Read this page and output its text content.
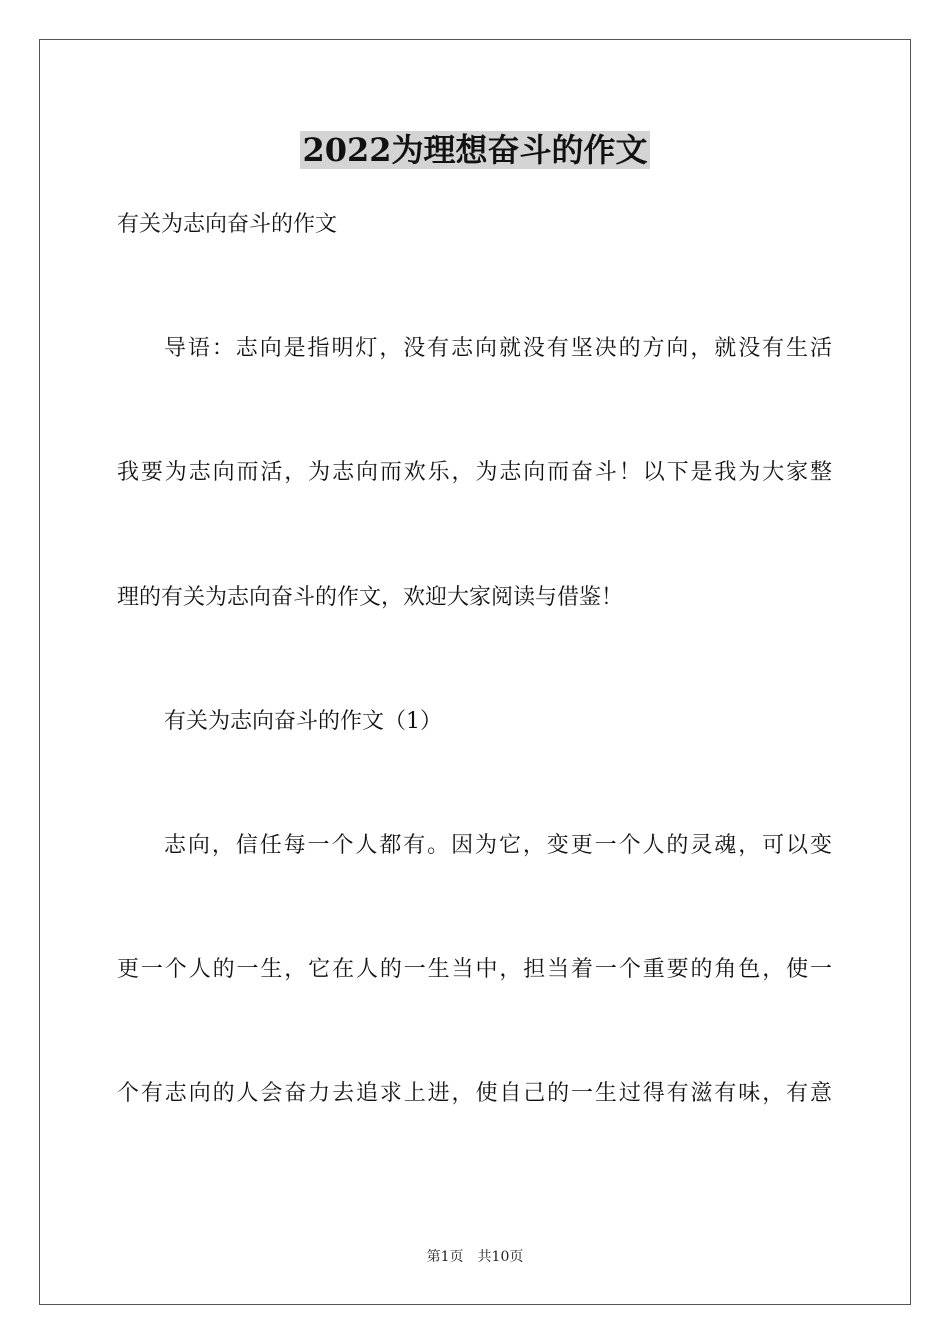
2022为理想奋斗的作文
有关为志向奋斗的作文
导语：志向是指明灯，没有志向就没有坚决的方向，就没有生活
我要为志向而活，为志向而欢乐，为志向而奋斗！以下是我为大家整
理的有关为志向奋斗的作文，欢迎大家阅读与借鉴！
有关为志向奋斗的作文（1）
志向，信任每一个人都有。因为它，变更一个人的灵魂，可以变
更一个人的一生，它在人的一生当中，担当着一个重要的角色，使一
个有志向的人会奋力去追求上进，使自己的一生过得有滋有味，有意
第1页 共10页
